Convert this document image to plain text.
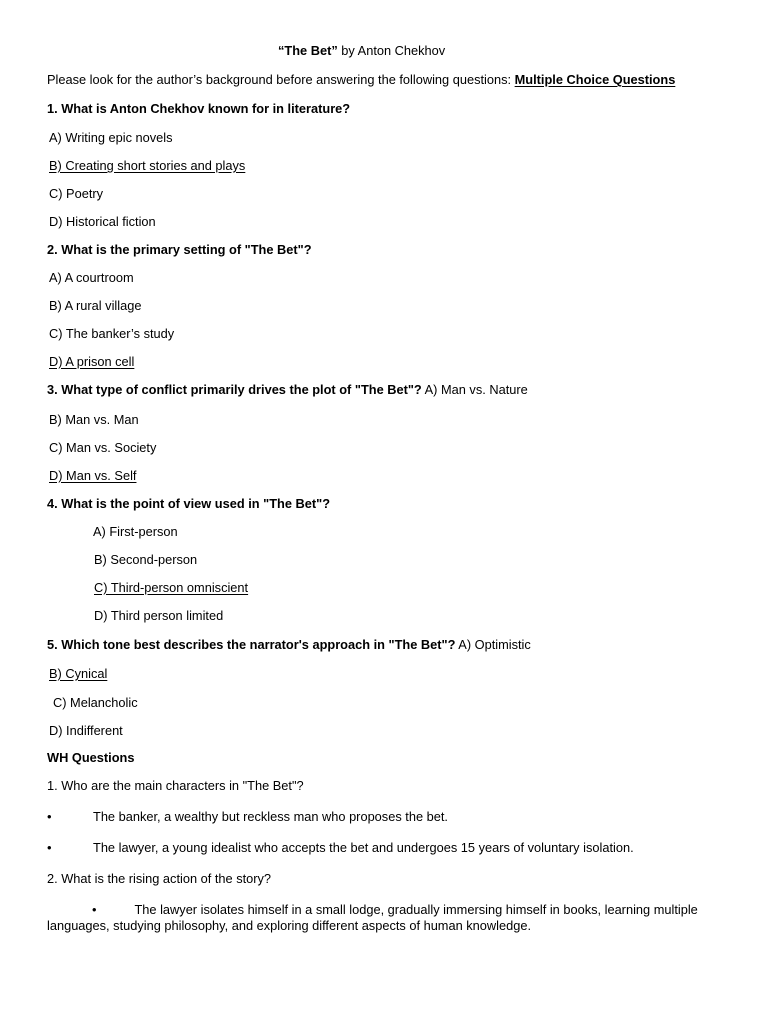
“The Bet” by Anton Chekhov
Please look for the author’s background before answering the following questions: Multiple Choice Questions
1. What is Anton Chekhov known for in literature?
A) Writing epic novels
B) Creating short stories and plays
C) Poetry
D) Historical fiction
2. What is the primary setting of "The Bet"?
A) A courtroom
B) A rural village
C) The banker’s study
D) A prison cell
3. What type of conflict primarily drives the plot of "The Bet"? A) Man vs. Nature
B) Man vs. Man
C) Man vs. Society
D) Man vs. Self
4. What is the point of view used in "The Bet"?
A) First-person
B) Second-person
C) Third-person omniscient
D) Third person limited
5. Which tone best describes the narrator's approach in "The Bet"? A) Optimistic
B) Cynical
C) Melancholic
D) Indifferent
WH Questions
1. Who are the main characters in "The Bet"?
•	The banker, a wealthy but reckless man who proposes the bet.
•	The lawyer, a young idealist who accepts the bet and undergoes 15 years of voluntary isolation.
2. What is the rising action of the story?
•	The lawyer isolates himself in a small lodge, gradually immersing himself in books, learning multiple languages, studying philosophy, and exploring different aspects of human knowledge.
